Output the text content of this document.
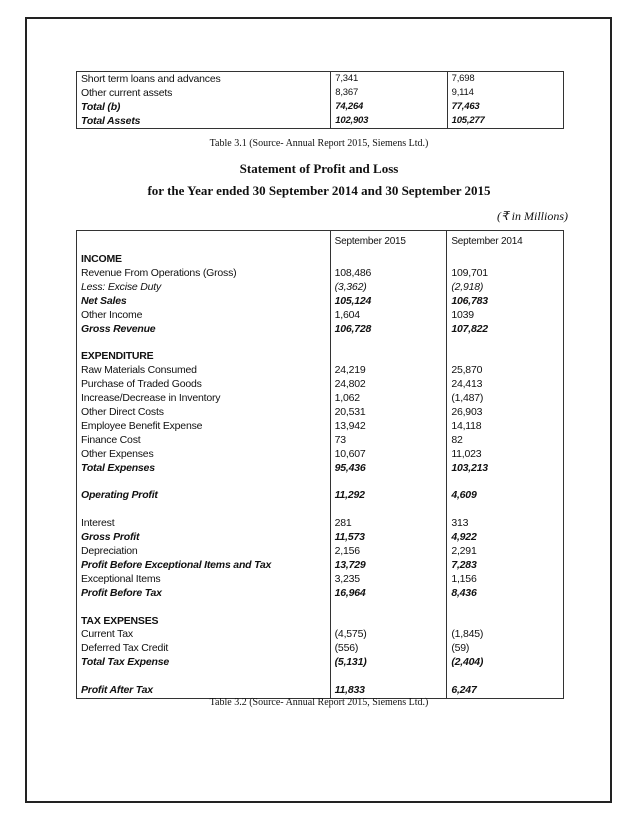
Short term loans and advances	7,341	7,698
Other current assets	8,367	9,114
Total (b)	74,264	77,463
Total Assets	102,903	105,277
Table 3.1 (Source- Annual Report 2015, Siemens Ltd.)
Statement of Profit and Loss
for the Year ended 30 September 2014 and 30 September 2015
(₹ in Millions)
	September 2015	September 2014
INCOME		
Revenue From Operations (Gross)	108,486	109,701
Less: Excise Duty	(3,362)	(2,918)
Net Sales	105,124	106,783
Other Income	1,604	1039
Gross Revenue	106,728	107,822

EXPENDITURE		
Raw Materials Consumed	24,219	25,870
Purchase of Traded Goods	24,802	24,413
Increase/Decrease in Inventory	1,062	(1,487)
Other Direct Costs	20,531	26,903
Employee Benefit Expense	13,942	14,118
Finance Cost	73	82
Other Expenses	10,607	11,023
Total Expenses	95,436	103,213

Operating Profit	11,292	4,609

Interest	281	313
Gross Profit	11,573	4,922
Depreciation	2,156	2,291
Profit Before Exceptional Items and Tax	13,729	7,283
Exceptional Items	3,235	1,156
Profit Before Tax	16,964	8,436

TAX EXPENSES		
Current Tax	(4,575)	(1,845)
Deferred Tax Credit	(556)	(59)
Total Tax Expense	(5,131)	(2,404)

Profit After Tax	11,833	6,247
Table 3.2 (Source- Annual Report 2015, Siemens Ltd.)
